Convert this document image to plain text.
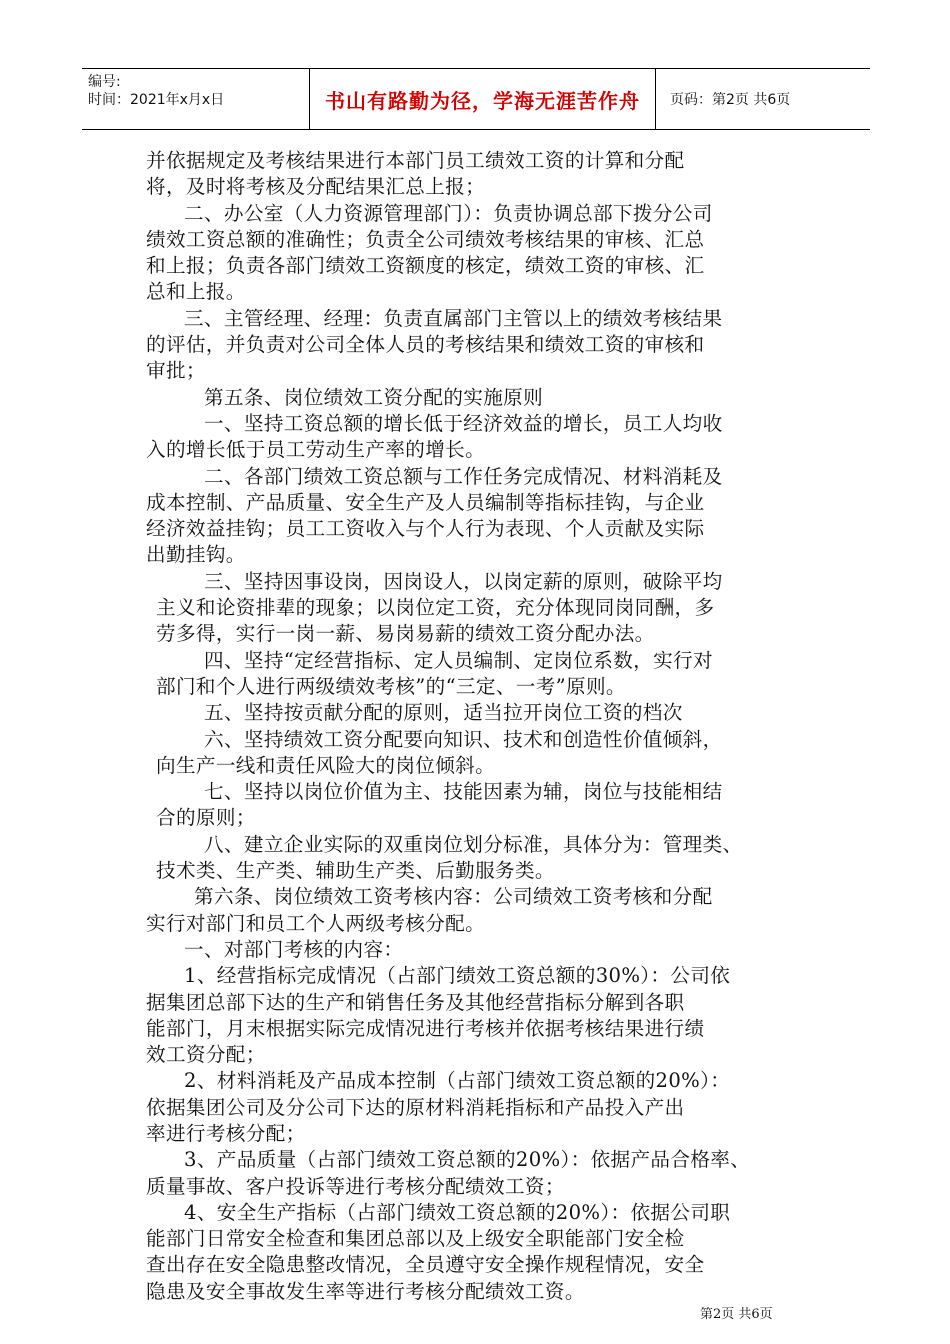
编号:
时间：2021年x月x日	书山有路勤为径，学海无涯苦作舟	页码：第2页 共6页
并依据规定及考核结果进行本部门员工绩效工资的计算和分配
将，及时将考核及分配结果汇总上报；
二、办公室（人力资源管理部门）：负责协调总部下拨分公司
绩效工资总额的准确性；负责全公司绩效考核结果的审核、汇总
和上报；负责各部门绩效工资额度的核定，绩效工资的审核、汇
总和上报。
三、主管经理、经理：负责直属部门主管以上的绩效考核结果
的评估，并负责对公司全体人员的考核结果和绩效工资的审核和
审批；
第五条、岗位绩效工资分配的实施原则
一、坚持工资总额的增长低于经济效益的增长，员工人均收
入的增长低于员工劳动生产率的增长。
二、各部门绩效工资总额与工作任务完成情况、材料消耗及
成本控制、产品质量、安全生产及人员编制等指标挂钩，与企业
经济效益挂钩；员工工资收入与个人行为表现、个人贡献及实际
出勤挂钩。
三、坚持因事设岗，因岗设人，以岗定薪的原则，破除平均
主义和论资排辈的现象；以岗位定工资，充分体现同岗同酬，多
劳多得，实行一岗一薪、易岗易薪的绩效工资分配办法。
四、坚持“定经营指标、定人员编制、定岗位系数，实行对
部门和个人进行两级绩效考核”的“三定、一考”原则。
五、坚持按贡献分配的原则，适当拉开岗位工资的档次
六、坚持绩效工资分配要向知识、技术和创造性价值倾斜，
向生产一线和责任风险大的岗位倾斜。
七、坚持以岗位价值为主、技能因素为辅，岗位与技能相结
合的原则；
八、建立企业实际的双重岗位划分标准，具体分为：管理类、
技术类、生产类、辅助生产类、后勤服务类。
第六条、岗位绩效工资考核内容：公司绩效工资考核和分配
实行对部门和员工个人两级考核分配。
一、对部门考核的内容：
1、经营指标完成情况（占部门绩效工资总额的30%）：公司依
据集团总部下达的生产和销售任务及其他经营指标分解到各职
能部门，月末根据实际完成情况进行考核并依据考核结果进行绩
效工资分配；
2、材料消耗及产品成本控制（占部门绩效工资总额的20%）：
依据集团公司及分公司下达的原材料消耗指标和产品投入产出
率进行考核分配；
3、产品质量（占部门绩效工资总额的20%）：依据产品合格率、
质量事故、客户投诉等进行考核分配绩效工资；
4、安全生产指标（占部门绩效工资总额的20%）：依据公司职
能部门日常安全检查和集团总部以及上级安全职能部门安全检
查出存在安全隐患整改情况，全员遵守安全操作规程情况，安全
隐患及安全事故发生率等进行考核分配绩效工资。
第2页 共6页
